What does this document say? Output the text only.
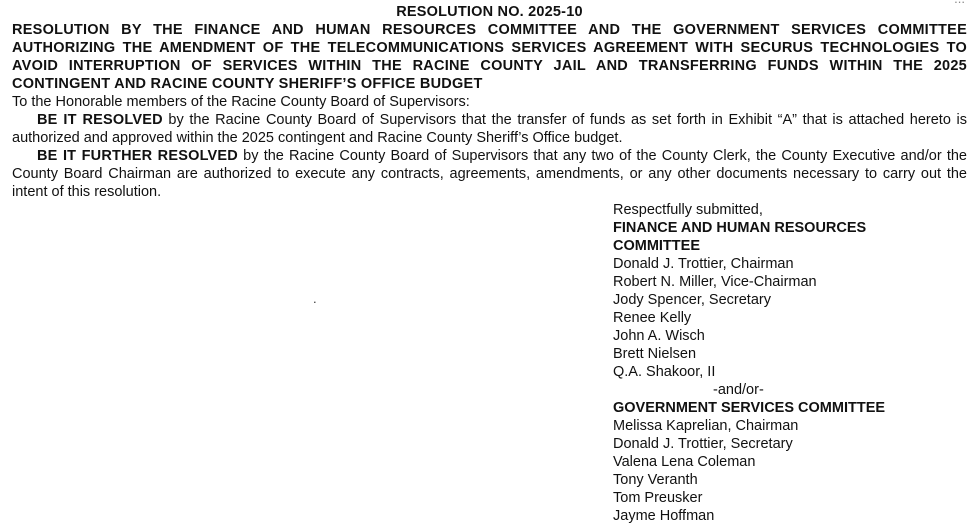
RESOLUTION NO. 2025-10
RESOLUTION BY THE FINANCE AND HUMAN RESOURCES COMMITTEE AND THE GOVERNMENT SERVICES COMMITTEE AUTHORIZING THE AMENDMENT OF THE TELECOMMUNICATIONS SERVICES AGREEMENT WITH SECURUS TECHNOLOGIES TO AVOID INTERRUPTION OF SERVICES WITHIN THE RACINE COUNTY JAIL AND TRANSFERRING FUNDS WITHIN THE 2025 CONTINGENT AND RACINE COUNTY SHERIFF’S OFFICE BUDGET
To the Honorable members of the Racine County Board of Supervisors:
BE IT RESOLVED by the Racine County Board of Supervisors that the transfer of funds as set forth in Exhibit “A” that is attached hereto is authorized and approved within the 2025 contingent and Racine County Sheriff’s Office budget.
BE IT FURTHER RESOLVED by the Racine County Board of Supervisors that any two of the County Clerk, the County Executive and/or the County Board Chairman are authorized to execute any contracts, agreements, amendments, or any other documents necessary to carry out the intent of this resolution.
.
Respectfully submitted,
FINANCE AND HUMAN RESOURCES COMMITTEE
Donald J. Trottier, Chairman
Robert N. Miller, Vice-Chairman
Jody Spencer, Secretary
Renee Kelly
John A. Wisch
Brett Nielsen
Q.A. Shakoor, II
-and/or-
GOVERNMENT SERVICES COMMITTEE
Melissa Kaprelian, Chairman
Donald J. Trottier, Secretary
Valena Lena Coleman
Tony Veranth
Tom Preusker
Jayme Hoffman
